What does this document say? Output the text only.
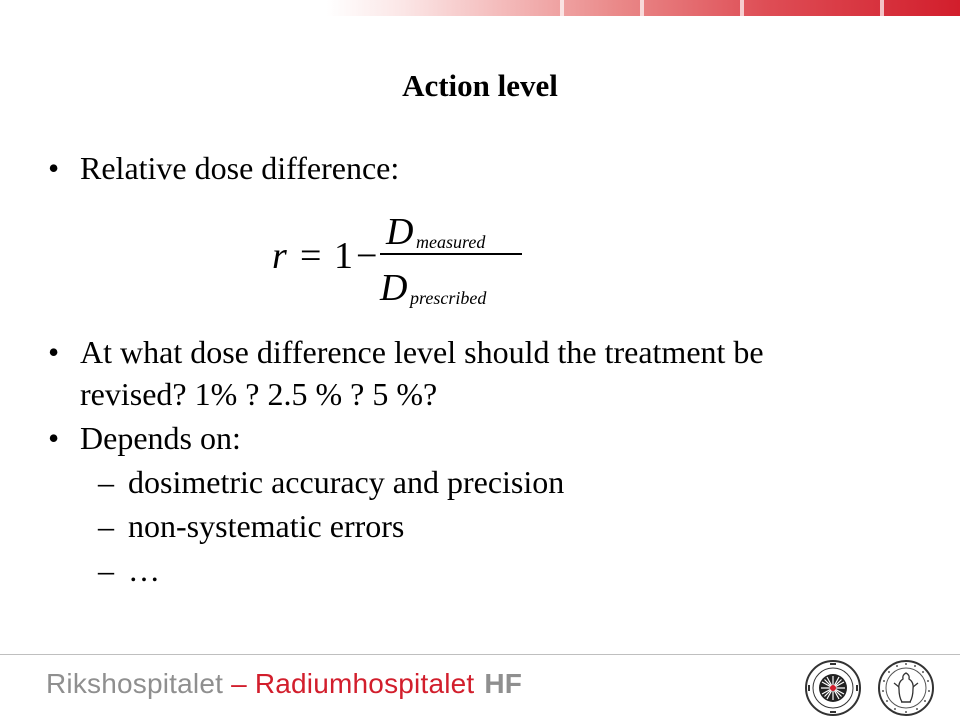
Action level
• Relative dose difference:
r = 1 −
D measured
D prescribed
• At what dose difference level should the treatment be
revised? 1% ? 2.5 % ? 5 %?
• Depends on:
– dosimetric accuracy and precision
– non-systematic errors
– …
Rikshospitalet – Radiumhospitalet HF
